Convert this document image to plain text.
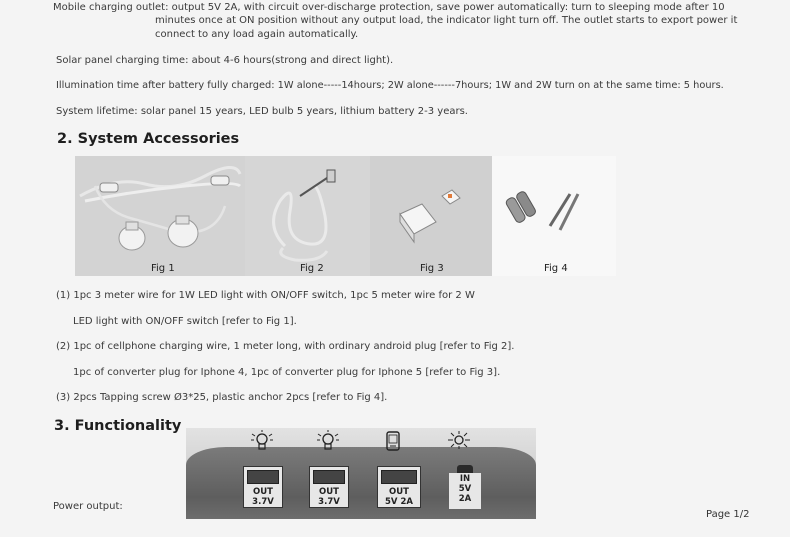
Mobile charging outlet: output 5V 2A, with circuit over-discharge protection, save power automatically: turn to sleeping mode after 10
minutes once at ON position without any output load, the indicator light turn off. The outlet starts to export power it
connect to any load again automatically.
Solar panel charging time: about 4-6 hours(strong and direct light).
Illumination time after battery fully charged: 1W alone-----14hours; 2W alone------7hours; 1W and 2W turn on at the same time: 5 hours.
System lifetime: solar panel 15 years, LED bulb 5 years, lithium battery 2-3 years.
2. System Accessories
Fig 1	Fig 2	Fig 3	Fig 4
(1) 1pc 3 meter wire for 1W LED light with ON/OFF switch, 1pc 5 meter wire for 2 W
LED light with ON/OFF switch [refer to Fig 1].
(2) 1pc of cellphone charging wire, 1 meter long, with ordinary android plug [refer to Fig 2].
1pc of converter plug for Iphone 4, 1pc of converter plug for Iphone 5 [refer to Fig 3].
(3) 2pcs Tapping screw Ø3*25, plastic anchor 2pcs [refer to Fig 4].
3. Functionality
OUT
3.7V
OUT
3.7V
OUT
5V 2A
IN
5V
2A
Power output:
Page 1/2
